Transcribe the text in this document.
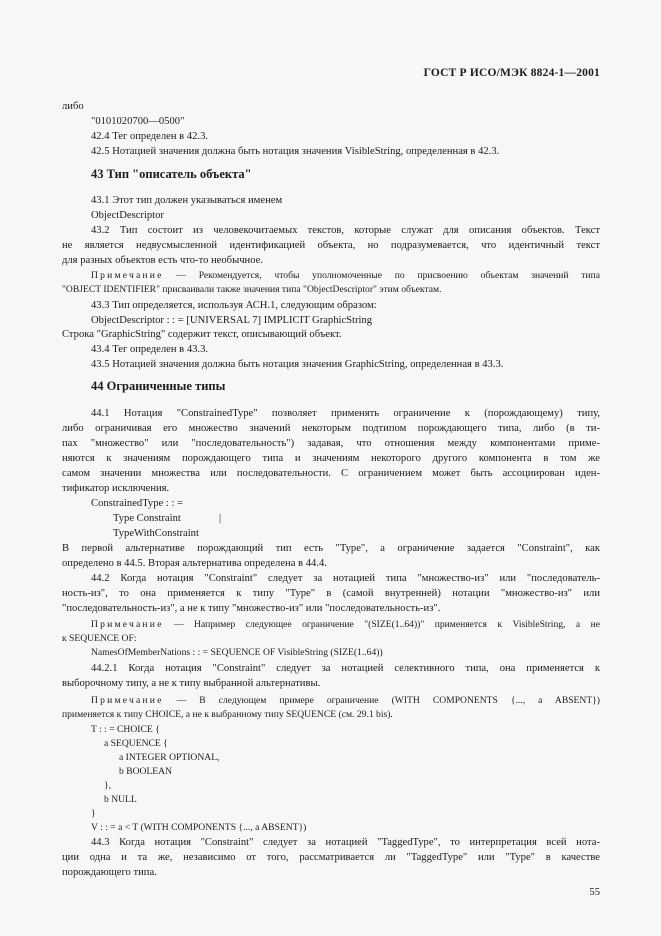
ГОСТ Р ИСО/МЭК 8824-1—2001
либо
"0101020700—0500"
42.4 Тег определен в 42.3.
42.5 Нотацией значения должна быть нотация значения VisibleString, определенная в 42.3.
43 Тип "описатель объекта"
43.1 Этот тип должен указываться именем
ObjectDescriptor
43.2 Тип состоит из человекочитаемых текстов, которые служат для описания объектов. Текст
не является недвусмысленной идентификацией объекта, но подразумевается, что идентичный текст
для разных объектов есть что-то необычное.
Примечание — Рекомендуется, чтобы уполномоченные по присвоению объектам значений типа
"OBJECT IDENTIFIER" присваивали также значения типа "ObjectDescriptor" этим объектам.
43.3 Тип определяется, используя АСН.1, следующим образом:
ObjectDescriptor : : = [UNIVERSAL 7] IMPLICIT GraphicString
Строка "GraphicString" содержит текст, описывающий объект.
43.4 Тег определен в 43.3.
43.5 Нотацией значения должна быть нотация значения GraphicString, определенная в 43.3.
44 Ограниченные типы
44.1 Нотация "ConstrainedType" позволяет применять ограничение к (порождающему) типу,
либо ограничивая его множество значений некоторым подтипом порождающего типа, либо (в ти-
пах "множество" или "последовательность") задавая, что отношения между компонентами приме-
няются к значениям порождающего типа и значениям некоторого другого компонента в том же
самом значении множества или последовательности. С ограничением может быть ассоциирован иден-
тификатор исключения.
ConstrainedType : : =
Type Constraint	|
TypeWithConstraint
В первой альтернативе порождающий тип есть "Type", а ограничение задается "Constraint", как
определено в 44.5. Вторая альтернатива определена в 44.4.
44.2 Когда нотация "Constraint" следует за нотацией типа "множество-из" или "последователь-
ность-из", то она применяется к типу "Type" в (самой внутренней) нотации "множество-из" или
"последовательность-из", а не к типу "множество-из" или "последовательность-из".
Примечание — Например следующее ограничение "(SIZE(1..64))" применяется к VisibleString, а не
к SEQUENCE OF:
NamesOfMemberNations : : = SEQUENCE OF VisibleString (SIZE(1..64))
44.2.1 Когда нотация "Constraint" следует за нотацией селективного типа, она применяется к
выборочному типу, а не к типу выбранной альтернативы.
Примечание — В следующем примере ограничение (WITH COMPONENTS {..., a ABSENT})
применяется к типу CHOICE, а не к выбранному типу SEQUENCE (см. 29.1 bis).
T : : = CHOICE {
a SEQUENCE {
a INTEGER OPTIONAL,
b BOOLEAN
},
b NULL
}
V : : = a < T (WITH COMPONENTS {..., a ABSENT})
44.3 Когда нотация "Constraint" следует за нотацией "TaggedType", то интерпретация всей нота-
ции одна и та же, независимо от того, рассматривается ли "TaggedType" или "Type" в качестве
порождающего типа.
55
